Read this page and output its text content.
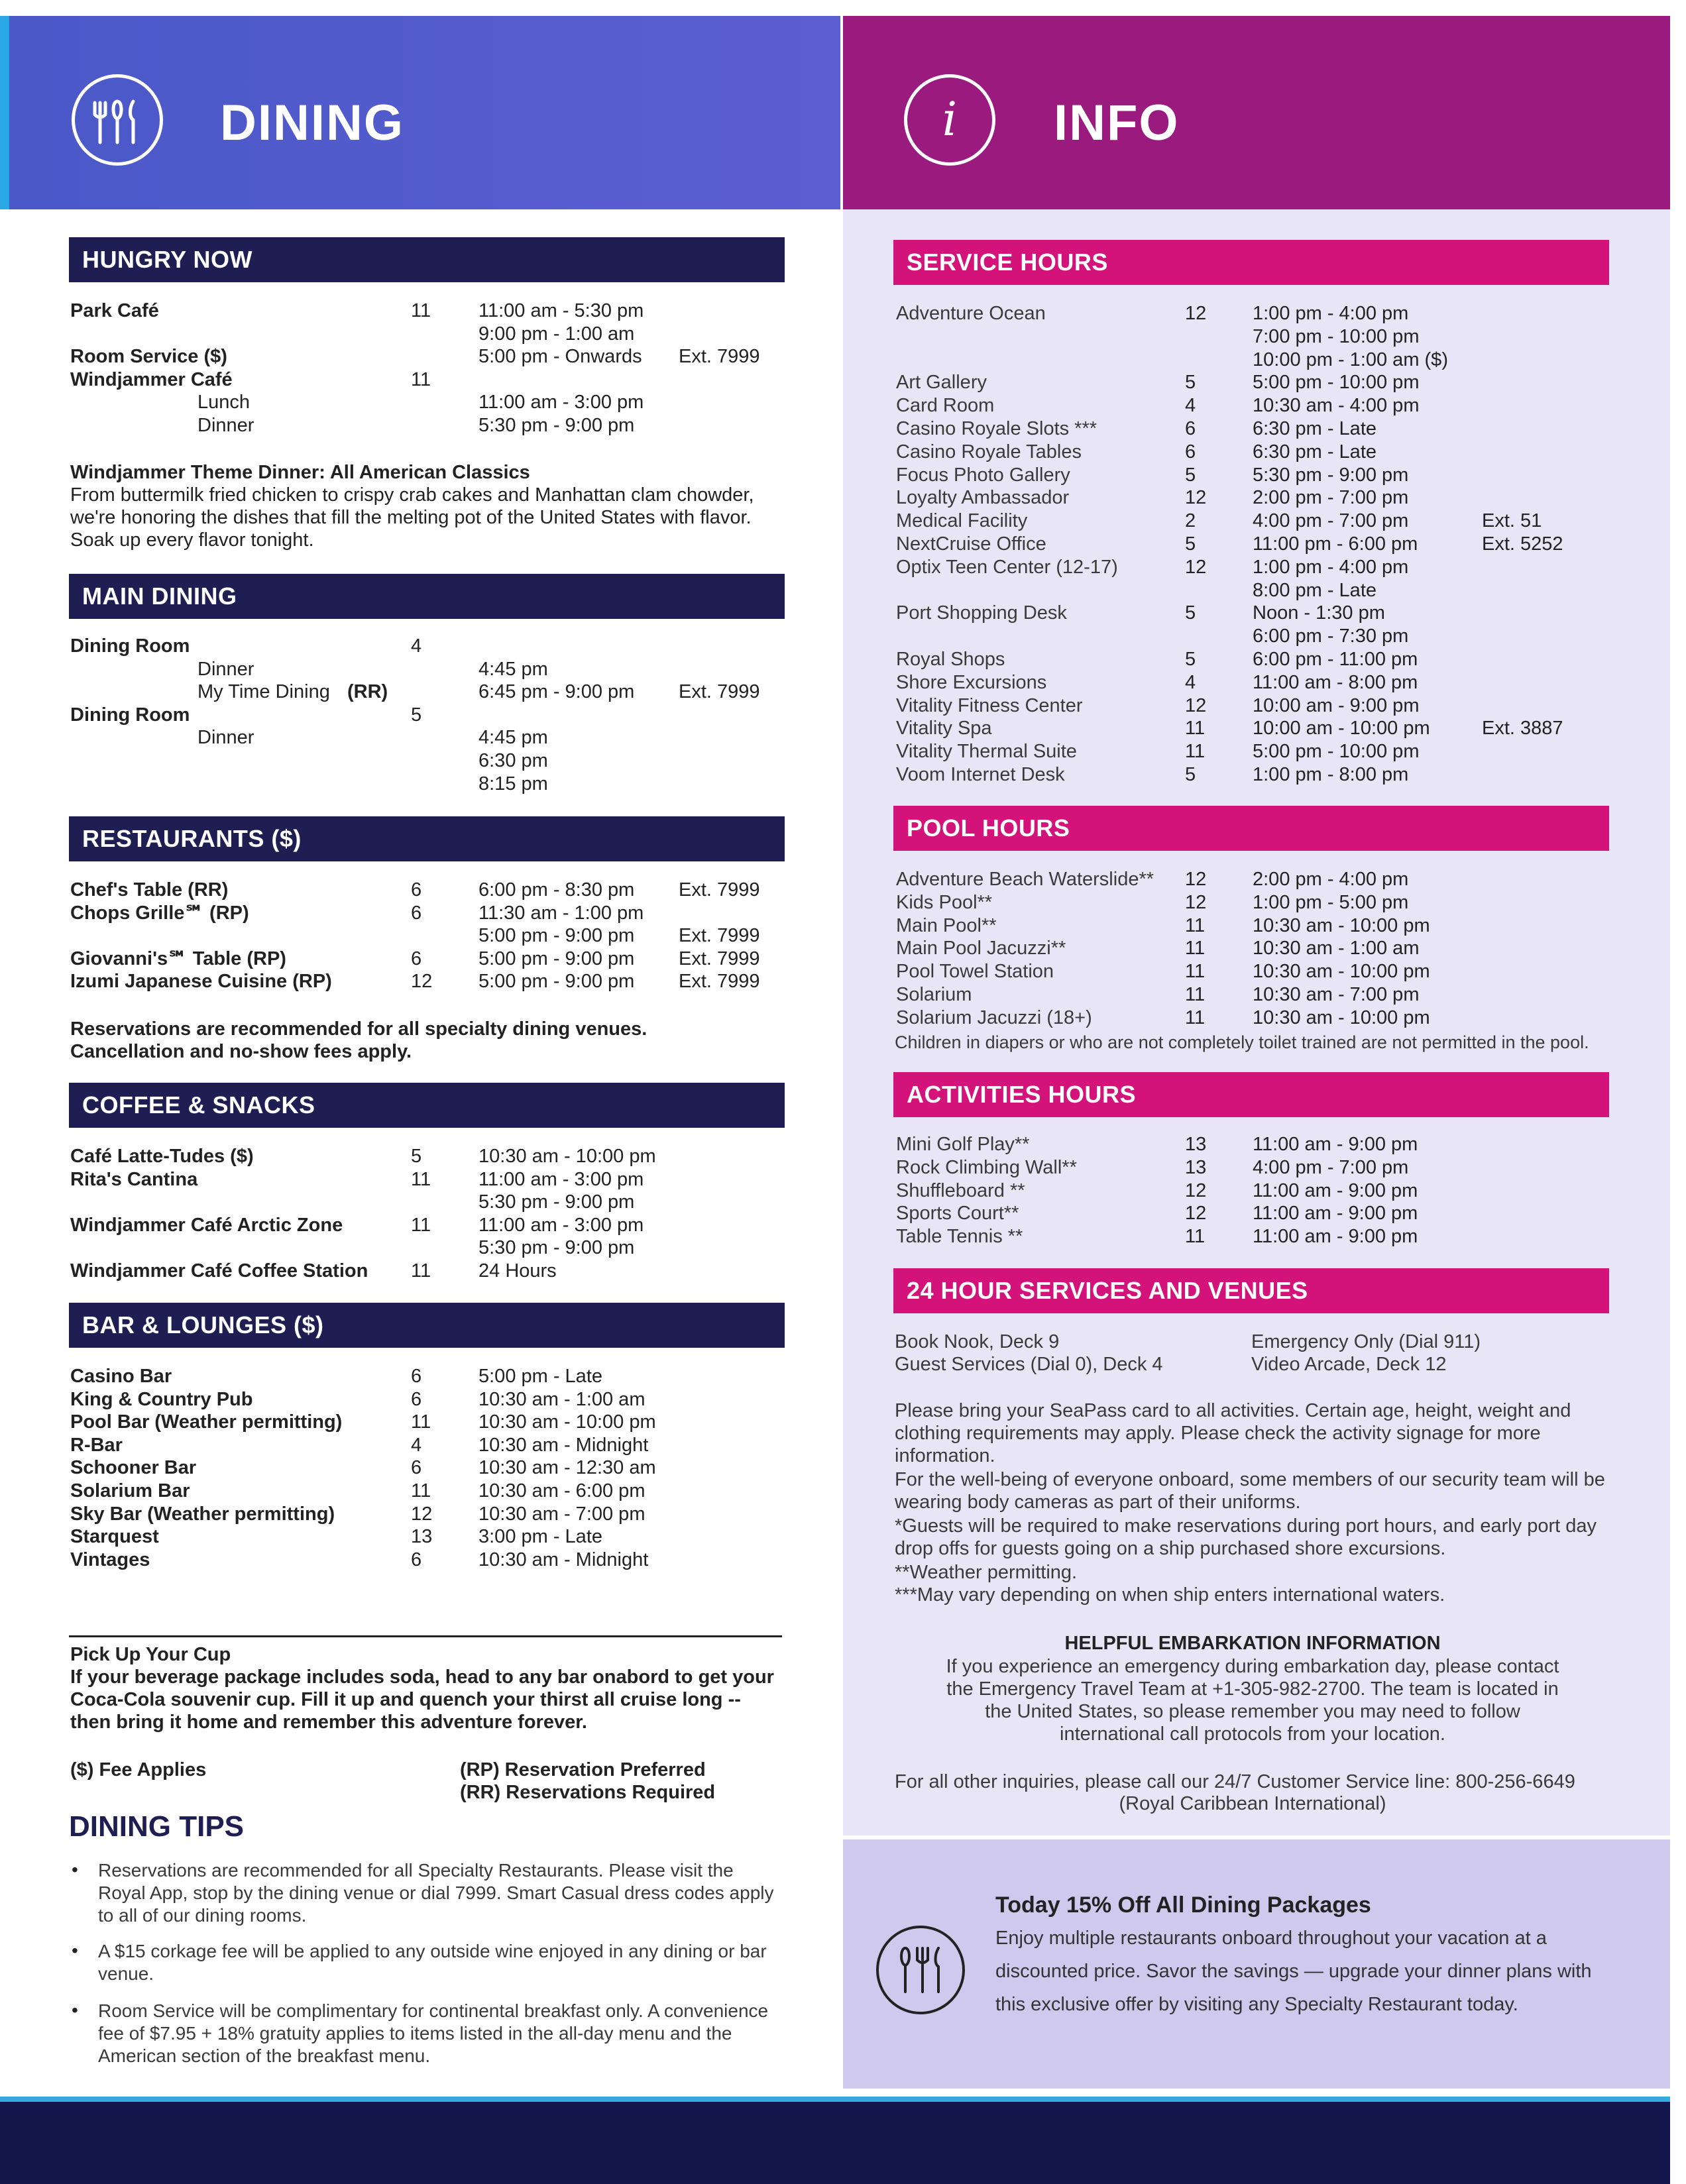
DINING	i	INFO
HUNGRY NOW
Park Café	11 11:00 am - 5:30 pm
9:00 pm - 1:00 am
Room Service ($)	5:00 pm - Onwards Ext. 7999
Windjammer Café	11
Lunch	11:00 am - 3:00 pm
Dinner	5:30 pm - 9:00 pm
Windjammer Theme Dinner: All American Classics
From buttermilk fried chicken to crispy crab cakes and Manhattan clam chowder, we're honoring the dishes that fill the melting pot of the United States with flavor. Soak up every flavor tonight.
MAIN DINING
Dining Room	4
Dinner	4:45 pm
My Time Dining (RR)	6:45 pm - 9:00 pm Ext. 7999
Dining Room	5
Dinner	4:45 pm
6:30 pm
8:15 pm
RESTAURANTS ($)
Chef's Table (RR)	6	6:00 pm - 8:30 pm Ext. 7999
Chops Grille℠ (RP)	6	11:30 am - 1:00 pm
5:00 pm - 9:00 pm Ext. 7999
Giovanni's℠ Table (RP)	6	5:00 pm - 9:00 pm Ext. 7999
Izumi Japanese Cuisine (RP)	12 5:00 pm - 9:00 pm Ext. 7999
Reservations are recommended for all specialty dining venues.
Cancellation and no-show fees apply.
COFFEE & SNACKS
Café Latte-Tudes ($)	5	10:30 am - 10:00 pm
Rita's Cantina	11 11:00 am - 3:00 pm
5:30 pm - 9:00 pm
Windjammer Café Arctic Zone	11 11:00 am - 3:00 pm
5:30 pm - 9:00 pm
Windjammer Café Coffee Station 11 24 Hours
BAR & LOUNGES ($)
Casino Bar	6	5:00 pm - Late
King & Country Pub	6	10:30 am - 1:00 am
Pool Bar (Weather permitting)	11 10:30 am - 10:00 pm
R-Bar	4	10:30 am - Midnight
Schooner Bar	6	10:30 am - 12:30 am
Solarium Bar	11 10:30 am - 6:00 pm
Sky Bar (Weather permitting)	12 10:30 am - 7:00 pm
Starquest	13 3:00 pm - Late
Vintages	6	10:30 am - Midnight
Pick Up Your Cup
If your beverage package includes soda, head to any bar onabord to get your Coca-Cola souvenir cup. Fill it up and quench your thirst all cruise long -- then bring it home and remember this adventure forever.
($) Fee Applies	(RP) Reservation Preferred
(RR) Reservations Required
DINING TIPS
• Reservations are recommended for all Specialty Restaurants. Please visit the Royal App, stop by the dining venue or dial 7999. Smart Casual dress codes apply to all of our dining rooms.
• A $15 corkage fee will be applied to any outside wine enjoyed in any dining or bar venue.
• Room Service will be complimentary for continental breakfast only. A convenience fee of $7.95 + 18% gratuity applies to items listed in the all-day menu and the American section of the breakfast menu.
SERVICE HOURS
Adventure Ocean	12 1:00 pm - 4:00 pm
7:00 pm - 10:00 pm
10:00 pm - 1:00 am ($)
Art Gallery	5	5:00 pm - 10:00 pm
Card Room	4	10:30 am - 4:00 pm
Casino Royale Slots ***	6	6:30 pm - Late
Casino Royale Tables	6	6:30 pm - Late
Focus Photo Gallery	5	5:30 pm - 9:00 pm
Loyalty Ambassador	12 2:00 pm - 7:00 pm
Medical Facility	2	4:00 pm - 7:00 pm	Ext. 51
NextCruise Office	5	11:00 pm - 6:00 pm	Ext. 5252
Optix Teen Center (12-17)	12 1:00 pm - 4:00 pm
8:00 pm - Late
Port Shopping Desk	5	Noon - 1:30 pm
6:00 pm - 7:30 pm
Royal Shops	5	6:00 pm - 11:00 pm
Shore Excursions	4	11:00 am - 8:00 pm
Vitality Fitness Center	12 10:00 am - 9:00 pm
Vitality Spa	11 10:00 am - 10:00 pm	Ext. 3887
Vitality Thermal Suite	11 5:00 pm - 10:00 pm
Voom Internet Desk	5	1:00 pm - 8:00 pm
POOL HOURS
Adventure Beach Waterslide** 12 2:00 pm - 4:00 pm
Kids Pool**	12 1:00 pm - 5:00 pm
Main Pool**	11 10:30 am - 10:00 pm
Main Pool Jacuzzi**	11 10:30 am - 1:00 am
Pool Towel Station	11 10:30 am - 10:00 pm
Solarium	11 10:30 am - 7:00 pm
Solarium Jacuzzi (18+)	11 10:30 am - 10:00 pm
Children in diapers or who are not completely toilet trained are not permitted in the pool.
ACTIVITIES HOURS
Mini Golf Play**	13 11:00 am - 9:00 pm
Rock Climbing Wall**	13 4:00 pm - 7:00 pm
Shuffleboard **	12 11:00 am - 9:00 pm
Sports Court**	12 11:00 am - 9:00 pm
Table Tennis **	11 11:00 am - 9:00 pm
24 HOUR SERVICES AND VENUES
Book Nook, Deck 9
Guest Services (Dial 0), Deck 4
Emergency Only (Dial 911)
Video Arcade, Deck 12
Please bring your SeaPass card to all activities. Certain age, height, weight and clothing requirements may apply. Please check the activity signage for more information.
For the well-being of everyone onboard, some members of our security team will be wearing body cameras as part of their uniforms.
*Guests will be required to make reservations during port hours, and early port day drop offs for guests going on a ship purchased shore excursions.
**Weather permitting.
***May vary depending on when ship enters international waters.
HELPFUL EMBARKATION INFORMATION
If you experience an emergency during embarkation day, please contact the Emergency Travel Team at +1-305-982-2700. The team is located in the United States, so please remember you may need to follow international call protocols from your location.
For all other inquiries, please call our 24/7 Customer Service line: 800-256-6649
(Royal Caribbean International)
Today 15% Off All Dining Packages
Enjoy multiple restaurants onboard throughout your vacation at a discounted price. Savor the savings — upgrade your dinner plans with this exclusive offer by visiting any Specialty Restaurant today.
